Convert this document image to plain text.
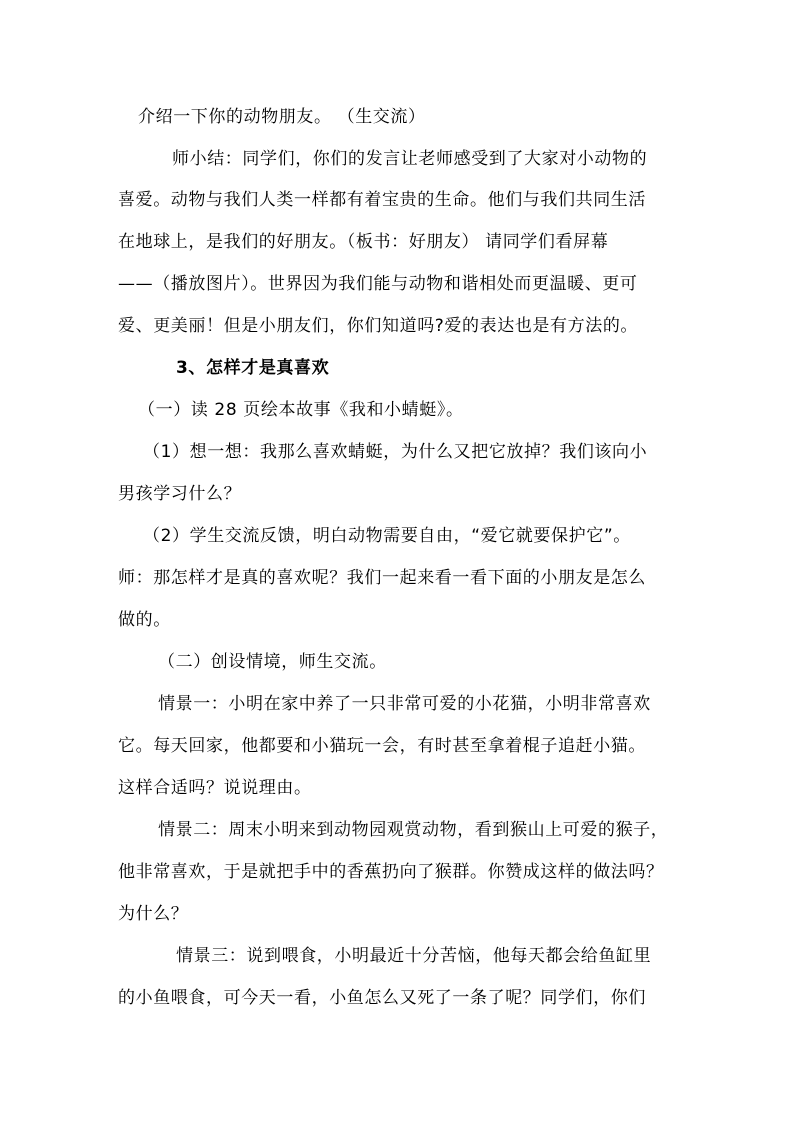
介绍一下你的动物朋友。 （生交流）

师小结：同学们，你们的发言让老师感受到了大家对小动物的

喜爱。动物与我们人类一样都有着宝贵的生命。他们与我们共同生活

在地球上，是我们的好朋友。（板书：好朋友） 请同学们看屏幕

——（播放图片）。世界因为我们能与动物和谐相处而更温暖、更可

爱、更美丽！但是小朋友们，你们知道吗?爱的表达也是有方法的。

3、怎样才是真喜欢

（一）读 28 页绘本故事《我和小蜻蜓》。

（1）想一想：我那么喜欢蜻蜓，为什么又把它放掉？我们该向小

男孩学习什么？

（2）学生交流反馈，明白动物需要自由，“爱它就要保护它”。

师：那怎样才是真的喜欢呢？我们一起来看一看下面的小朋友是怎么

做的。

（二）创设情境，师生交流。

情景一：小明在家中养了一只非常可爱的小花猫，小明非常喜欢

它。每天回家，他都要和小猫玩一会，有时甚至拿着棍子追赶小猫。

这样合适吗？说说理由。

情景二：周末小明来到动物园观赏动物，看到猴山上可爱的猴子，

他非常喜欢，于是就把手中的香蕉扔向了猴群。你赞成这样的做法吗？

为什么？

情景三：说到喂食，小明最近十分苦恼，他每天都会给鱼缸里

的小鱼喂食，可今天一看，小鱼怎么又死了一条了呢？同学们，你们
